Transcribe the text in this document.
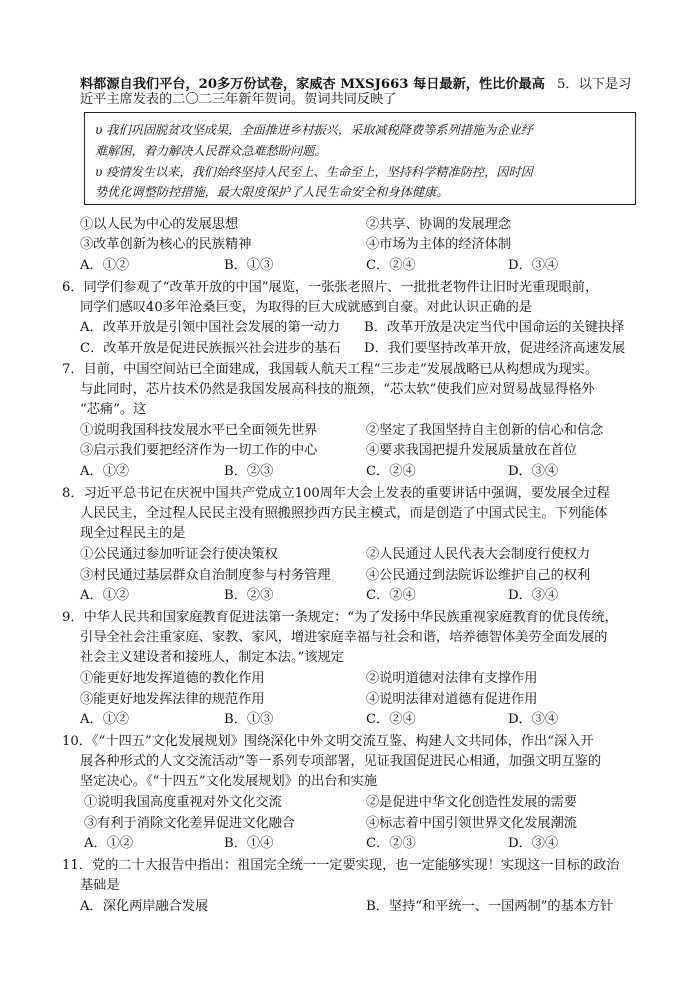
料都源自我们平台，20多万份试卷，家威杏 MXSJ663 每日最新，性比价最高 5．以下是习
近平主席发表的二〇二三年新年贺词。贺词共同反映了
υ 我们巩固脱贫攻坚成果，全面推进乡村振兴，采取减税降费等系列措施为企业纾
难解困，着力解决人民群众急难愁盼问题。
υ 疫情发生以来，我们始终坚持人民至上、生命至上，坚持科学精准防控，因时因
势优化调整防控措施，最大限度保护了人民生命安全和身体健康。
①以人民为中心的发展思想	②共享、协调的发展理念
③改革创新为核心的民族精神	④市场为主体的经济体制
A．①②	B．①③	C．②④	D．③④
6．同学们参观了“改革开放的中国”展览，一张张老照片、一批批老物件让旧时光重现眼前，
同学们感叹40多年沧桑巨变，为取得的巨大成就感到自豪。对此认识正确的是
A．改革开放是引领中国社会发展的第一动力 B．改革开放是决定当代中国命运的关键抉择
C．改革开放是促进民族振兴社会进步的基石 D．我们要坚持改革开放，促进经济高速发展
7．目前，中国空间站已全面建成，我国载人航天工程“三步走”发展战略已从构想成为现实。
与此同时，芯片技术仍然是我国发展高科技的瓶颈，“芯太软”使我们应对贸易战显得格外
“芯痛”。这
①说明我国科技发展水平已全面领先世界	②坚定了我国坚持自主创新的信心和信念
③启示我们要把经济作为一切工作的中心	④要求我国把提升发展质量放在首位
A．①②	B．②③	C．②④	D．③④
8．习近平总书记在庆祝中国共产党成立100周年大会上发表的重要讲话中强调，要发展全过程
人民民主，全过程人民民主没有照搬照抄西方民主模式，而是创造了中国式民主。下列能体
现全过程民主的是
①公民通过参加听证会行使决策权	②人民通过人民代表大会制度行使权力
③村民通过基层群众自治制度参与村务管理	④公民通过到法院诉讼维护自己的权利
A．①②	B．②③	C．②④	D．③④
9．中华人民共和国家庭教育促进法第一条规定：“为了发扬中华民族重视家庭教育的优良传统，
引导全社会注重家庭、家教、家风，增进家庭幸福与社会和谐，培养德智体美劳全面发展的
社会主义建设者和接班人，制定本法。”该规定
①能更好地发挥道德的教化作用	②说明道德对法律有支撑作用
③能更好地发挥法律的规范作用	④说明法律对道德有促进作用
A．①②	B．①③	C．②④	D．③④
10．《“十四五”文化发展规划》围绕深化中外文明交流互鉴、构建人文共同体，作出“深入开
展各种形式的人文交流活动”等一系列专项部署，见证我国促进民心相通，加强文明互鉴的
坚定决心。《“十四五”文化发展规划》的出台和实施
①说明我国高度重视对外文化交流	②是促进中华文化创造性发展的需要
③有利于消除文化差异促进文化融合	④标志着中国引领世界文化发展潮流
A．①②	B．①④	C．②③	D．③④
11．党的二十大报告中指出：祖国完全统一一定要实现，也一定能够实现！实现这一目标的政治
基础是
A．深化两岸融合发展	B．坚持“和平统一、一国两制”的基本方针
